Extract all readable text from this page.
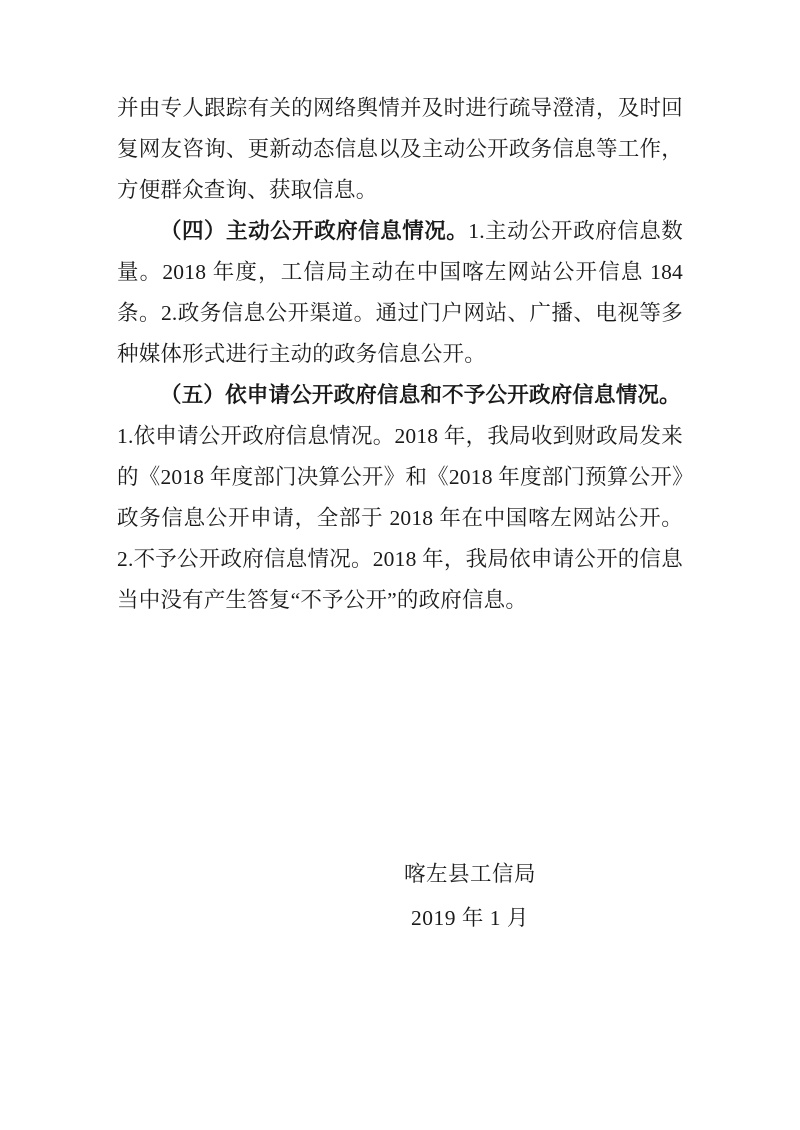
并由专人跟踪有关的网络舆情并及时进行疏导澄清，及时回复网友咨询、更新动态信息以及主动公开政务信息等工作，方便群众查询、获取信息。

（四）主动公开政府信息情况。1.主动公开政府信息数量。2018 年度，工信局主动在中国喀左网站公开信息 184 条。2.政务信息公开渠道。通过门户网站、广播、电视等多种媒体形式进行主动的政务信息公开。

（五）依申请公开政府信息和不予公开政府信息情况。

1.依申请公开政府信息情况。2018 年，我局收到财政局发来的《2018 年度部门决算公开》和《2018 年度部门预算公开》政务信息公开申请，全部于 2018 年在中国喀左网站公开。2.不予公开政府信息情况。2018 年，我局依申请公开的信息当中没有产生答复“不予公开”的政府信息。

喀左县工信局
2019 年 1 月
